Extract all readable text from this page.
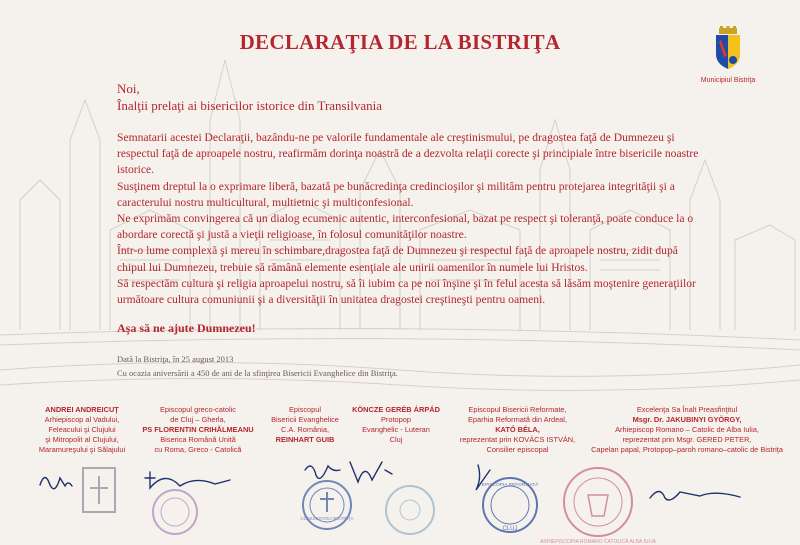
DECLARAŢIA DE LA BISTRIŢA
Municipiul Bistriţa
Noi,
Înalţii prelaţi ai bisericilor istorice din Transilvania

Semnatarii acestei Declaraţii, bazându-ne pe valorile fundamentale ale creştinismului, pe dragostea faţă de Dumnezeu şi respectul faţă de aproapele nostru, reafirmăm dorinţa noastră de a dezvolta relaţii corecte şi principiale între bisericile noastre istorice.

Susţinem dreptul la o exprimare liberă, bazată pe bunăcredinţa credincioşilor şi militâm pentru protejarea integrităţii şi a caracterului nostru multicultural, multietnic şi multiconfesional.

Ne exprimăm convingerea că un dialog ecumenic autentic, interconfesional, bazat pe respect şi toleranţă, poate conduce la o abordare corectă şi justă a vieţii religioase, în folosul comunităţilor noastre.

Într-o lume complexă şi mereu în schimbare,dragostea faţă de Dumnezeu şi respectul faţă de aproapele nostru, zidit după chipul lui Dumnezeu, trebuie să rămână elemente esenţiale ale unirii oamenilor în numele lui Hristos.

Să respectăm cultura şi religia aproapelui nostru, să îi iubim ca pe noi înşine şi în felul acesta să lăsăm moştenire generaţiilor următoare cultura comuniunii şi a diversităţii în unitatea dragostei creştineşti pentru oameni.

Aşa să ne ajute Dumnezeu!
Dată la Bistriţa, în 25 august 2013
Cu ocazia aniversării a 450 de ani de la sfinţirea Bisericii Evanghelice din Bistriţa.
COMUNITATEA BISTRIŢA
EPISCOPIA REFORMATĂ
CLUJ
ARHIEPISCOPIA ROMANO CATOLICĂ ALBA IULIA
ANDREI ANDREICUŢ
Arhiepiscop al Vadului,
Feleacului şi Clujului
şi Mitropolit al Clujului,
Maramureşului şi Sălajului
Episcopul greco-catolic
de Cluj – Gherla,
PS FLORENTIN CRIHĂLMEANU
Biserica Română Unită
cu Roma, Greco - Catolică
Episcopul
Bisericii Evanghelice
C.A. România,
REINHART GUIB
KÖNCZE GERÉB ÁRPÁD
Protopop
Evanghelic - Luteran
Cluj
Episcopul Bisericii Reformate,
Eparhia Reformată din Ardeal,
KATÓ BÉLA,
reprezentat prin KOVÁCS ISTVÁN,
Consilier episcopal
Excelenţa Sa Înalt Preasfinţitul
Msgr. Dr. JAKUBINYI GYÖRGY,
Arhiepiscop Romano – Catolic de Alba Iulia,
reprezentat prin Msgr. GERED PETER,
Capelan papal, Protopop–paroh romano–catolic de Bistriţa
